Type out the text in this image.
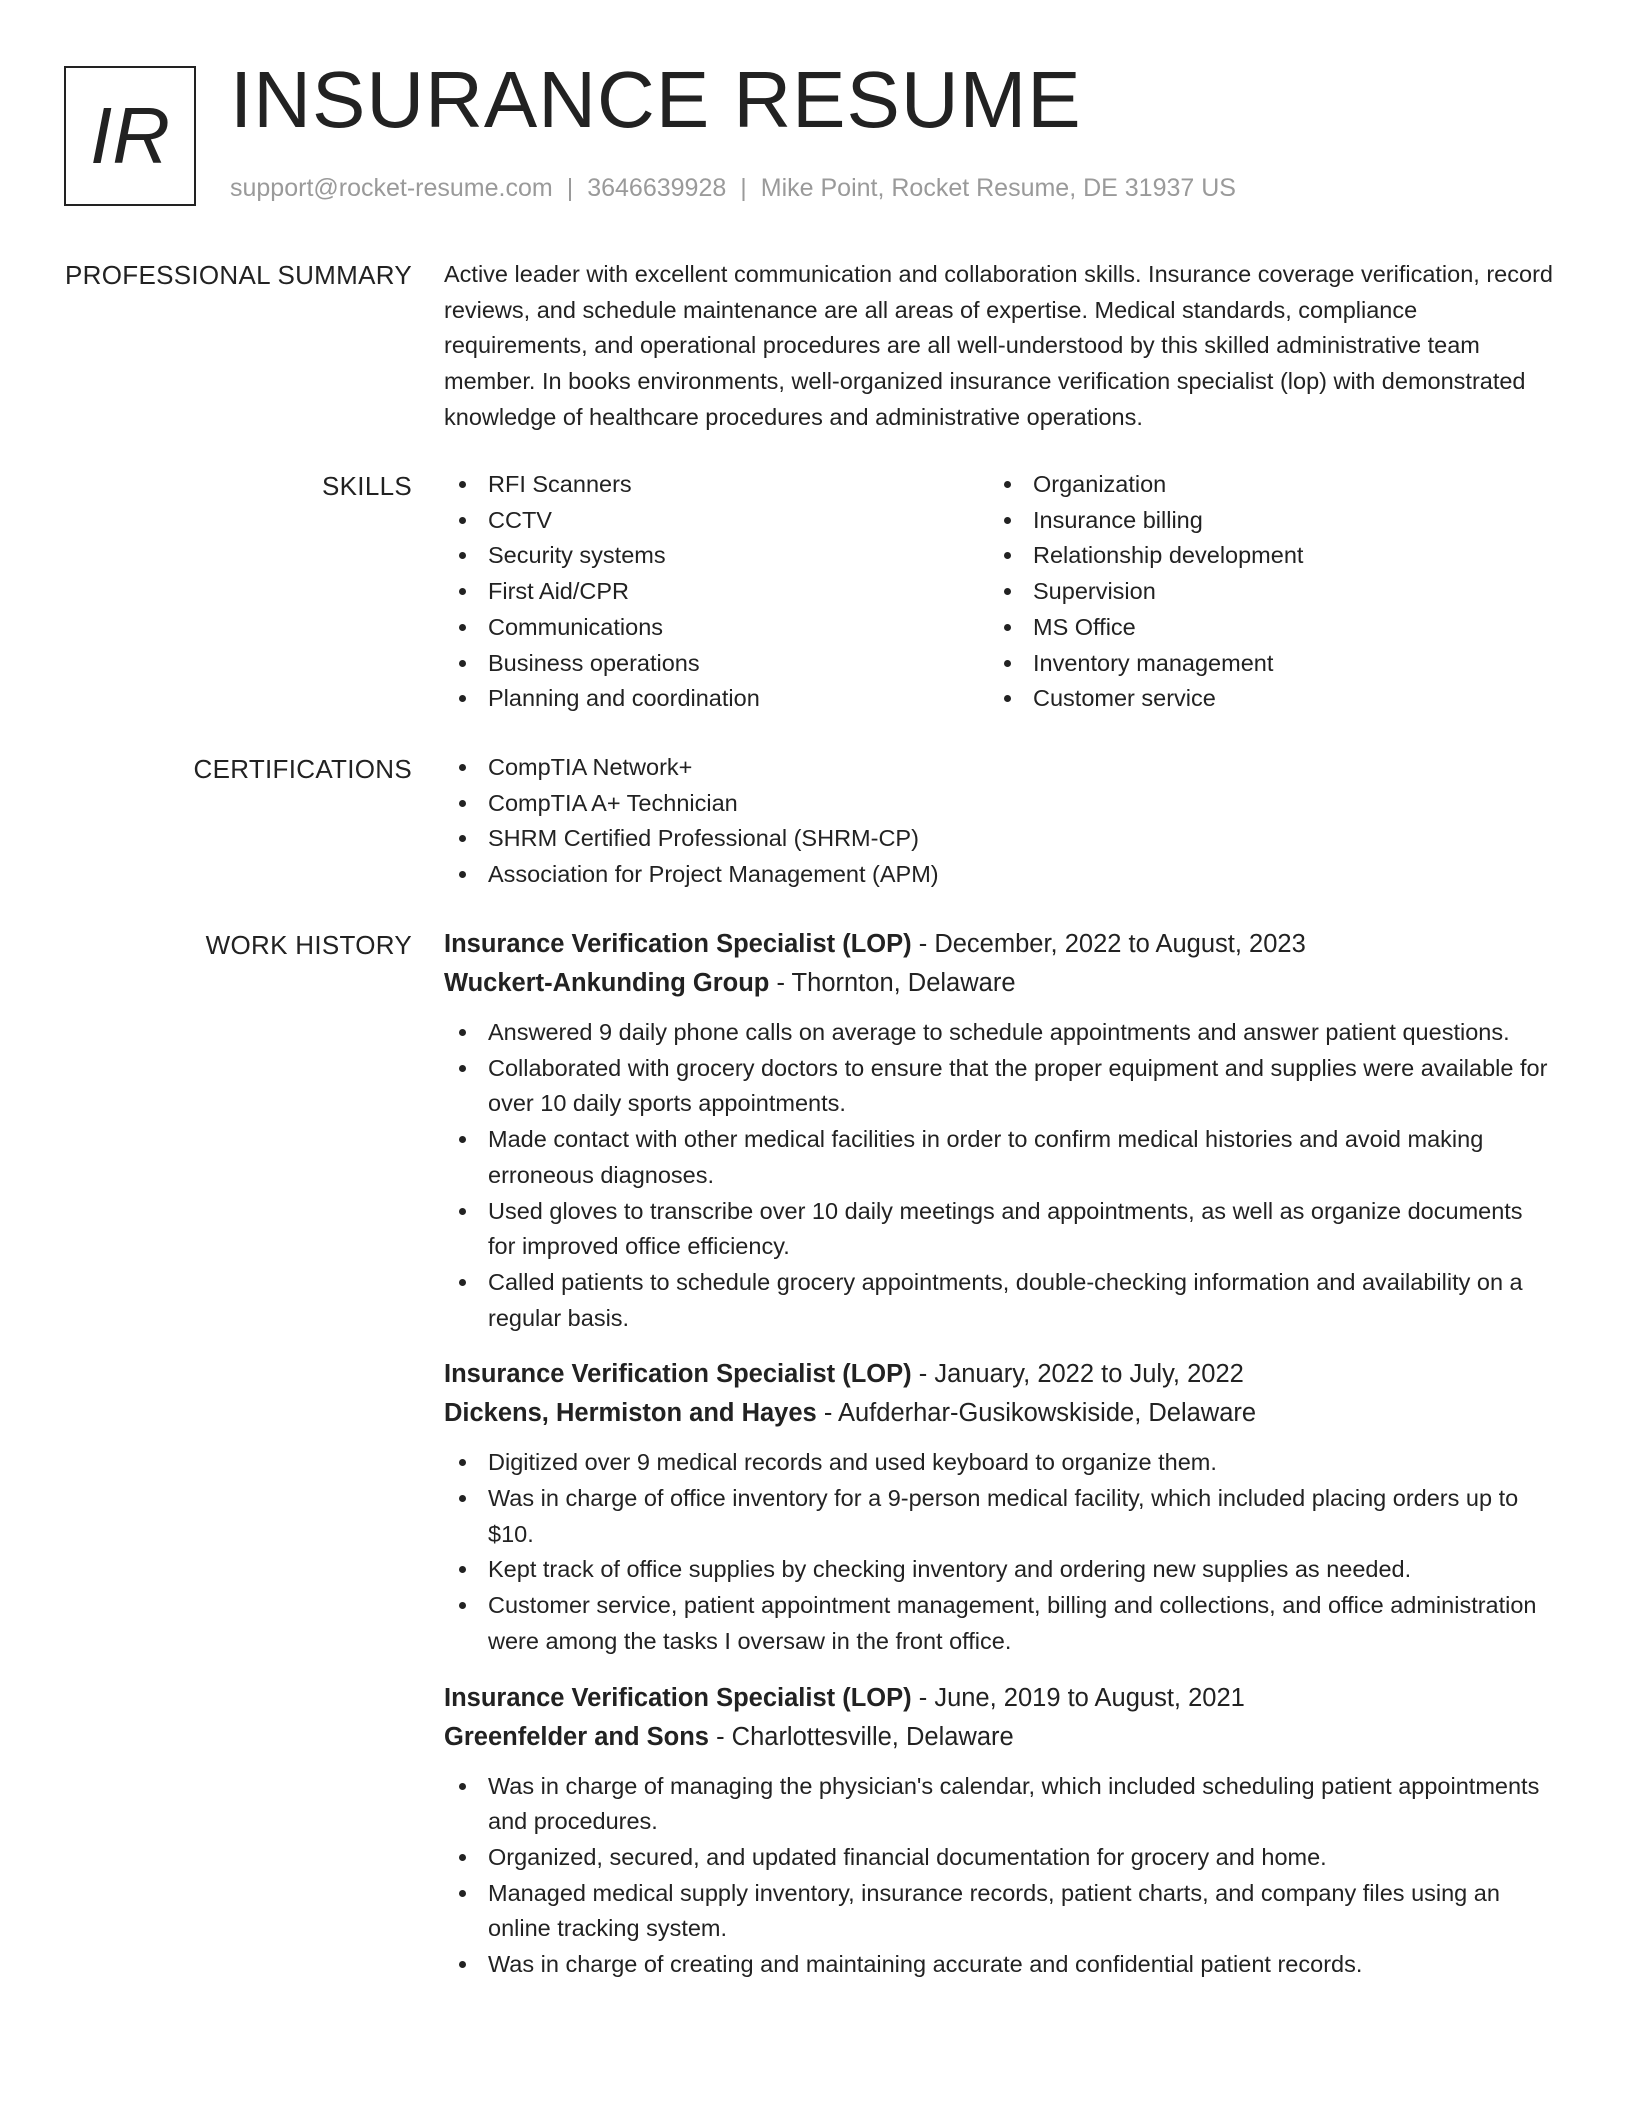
IR INSURANCE RESUME
support@rocket-resume.com | 3646639928 | Mike Point, Rocket Resume, DE 31937 US
PROFESSIONAL SUMMARY Active leader with excellent communication and collaboration skills. Insurance coverage verification, record reviews, and schedule maintenance are all areas of expertise. Medical standards, compliance requirements, and operational procedures are all well-understood by this skilled administrative team member. In books environments, well-organized insurance verification specialist (lop) with demonstrated knowledge of healthcare procedures and administrative operations.

SKILLS	RFI Scanners
CCTV
Security systems
First Aid/CPR
Communications
Business operations
Planning and coordination
Organization
Insurance billing
Relationship development
Supervision
MS Office
Inventory management
Customer service
CERTIFICATIONS	CompTIA Network+
CompTIA A+ Technician
SHRM Certified Professional (SHRM-CP)
Association for Project Management (APM)
WORK HISTORY Insurance Verification Specialist (LOP) - December, 2022 to August, 2023
Wuckert-Ankunding Group - Thornton, Delaware
Answered 9 daily phone calls on average to schedule appointments and answer patient questions.
Collaborated with grocery doctors to ensure that the proper equipment and supplies were available for over 10 daily sports appointments.
Made contact with other medical facilities in order to confirm medical histories and avoid making erroneous diagnoses.
Used gloves to transcribe over 10 daily meetings and appointments, as well as organize documents for improved office efficiency.
Called patients to schedule grocery appointments, double-checking information and availability on a regular basis.
Insurance Verification Specialist (LOP) - January, 2022 to July, 2022
Dickens, Hermiston and Hayes - Aufderhar-Gusikowskiside, Delaware
Digitized over 9 medical records and used keyboard to organize them.
Was in charge of office inventory for a 9-person medical facility, which included placing orders up to $10.
Kept track of office supplies by checking inventory and ordering new supplies as needed.
Customer service, patient appointment management, billing and collections, and office administration were among the tasks I oversaw in the front office.
Insurance Verification Specialist (LOP) - June, 2019 to August, 2021
Greenfelder and Sons - Charlottesville, Delaware
Was in charge of managing the physician's calendar, which included scheduling patient appointments and procedures.
Organized, secured, and updated financial documentation for grocery and home.
Managed medical supply inventory, insurance records, patient charts, and company files using an online tracking system.
Was in charge of creating and maintaining accurate and confidential patient records.
